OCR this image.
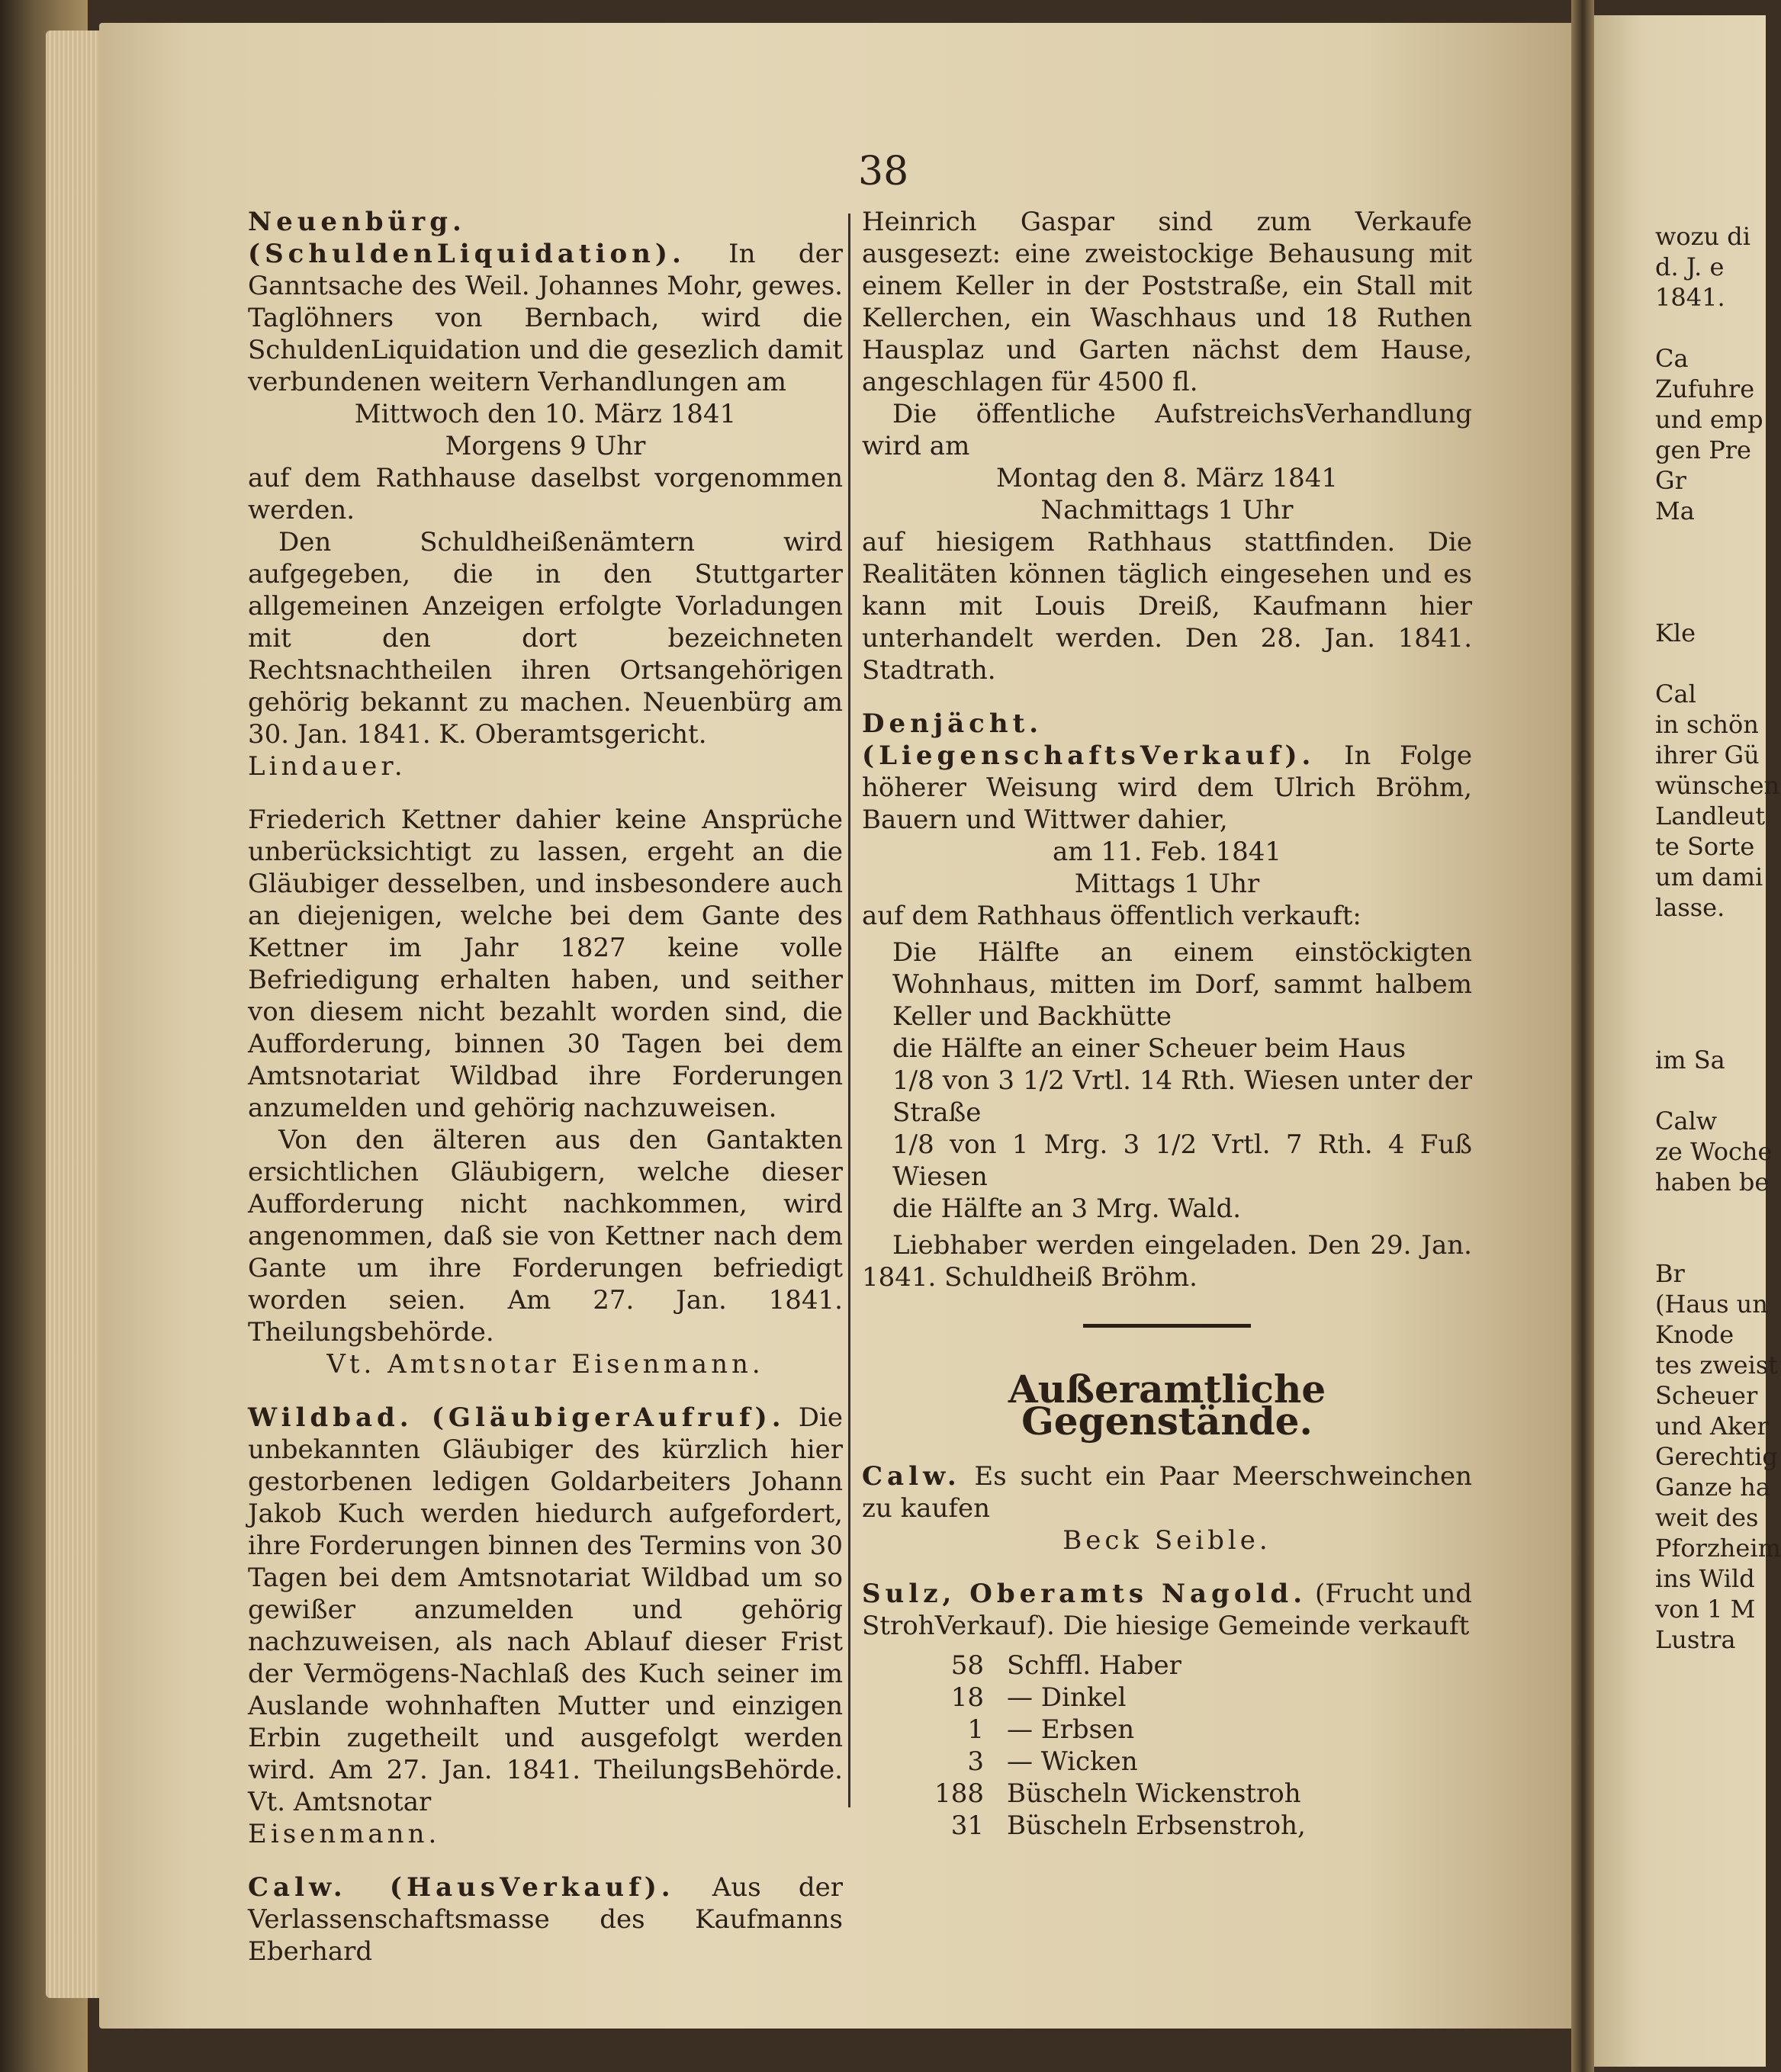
38

Neuenbürg. (SchuldenLiquidation). In der Ganntsache des Weil. Johannes Mohr, gewes. Taglöhners von Bernbach, wird die SchuldenLiquidation und die gesezlich damit verbundenen weitern Verhandlungen am

Mittwoch den 10. März 1841
Morgens 9 Uhr

auf dem Rathhause daselbst vorgenommen werden.

Den Schuldheißenämtern wird aufgegeben, die in den Stuttgarter allgemeinen Anzeigen erfolgte Vorladungen mit den dort bezeichneten Rechtsnachtheilen ihren Ortsangehörigen gehörig bekannt zu machen. Neuenbürg am 30. Jan. 1841. K. Oberamtsgericht.

Lindauer.

Friederich Kettner dahier keine Ansprüche unberücksichtigt zu lassen, ergeht an die Gläubiger desselben, und insbesondere auch an diejenigen, welche bei dem Gante des Kettner im Jahr 1827 keine volle Befriedigung erhalten haben, und seither von diesem nicht bezahlt worden sind, die Aufforderung, binnen 30 Tagen bei dem Amtsnotariat Wildbad ihre Forderungen anzumelden und gehörig nachzuweisen.

Von den älteren aus den Gantakten ersichtlichen Gläubigern, welche dieser Aufforderung nicht nachkommen, wird angenommen, daß sie von Kettner nach dem Gante um ihre Forderungen befriedigt worden seien. Am 27. Jan. 1841. Theilungsbehörde.

Vt. Amtsnotar Eisenmann.

Wildbad. (GläubigerAufruf). Die unbekannten Gläubiger des kürzlich hier gestorbenen ledigen Goldarbeiters Johann Jakob Kuch werden hiedurch aufgefordert, ihre Forderungen binnen des Termins von 30 Tagen bei dem Amtsnotariat Wildbad um so gewißer anzumelden und gehörig nachzuweisen, als nach Ablauf dieser Frist der Vermögens-Nachlaß des Kuch seiner im Auslande wohnhaften Mutter und einzigen Erbin zugetheilt und ausgefolgt werden wird. Am 27. Jan. 1841. TheilungsBehörde. Vt. Amtsnotar

Eisenmann.

Calw. (HausVerkauf). Aus der Verlassenschaftsmasse des Kaufmanns Eberhard

Heinrich Gaspar sind zum Verkaufe ausgesezt: eine zweistockige Behausung mit einem Keller in der Poststraße, ein Stall mit Kellerchen, ein Waschhaus und 18 Ruthen Hausplaz und Garten nächst dem Hause, angeschlagen für 4500 fl.

Die öffentliche AufstreichsVerhandlung wird am

Montag den 8. März 1841
Nachmittags 1 Uhr

auf hiesigem Rathhaus stattfinden. Die Realitäten können täglich eingesehen und es kann mit Louis Dreiß, Kaufmann hier unterhandelt werden. Den 28. Jan. 1841. Stadtrath.

Denjächt. (LiegenschaftsVerkauf). In Folge höherer Weisung wird dem Ulrich Bröhm, Bauern und Wittwer dahier,

am 11. Feb. 1841
Mittags 1 Uhr

auf dem Rathhaus öffentlich verkauft:

Die Hälfte an einem einstöckigten Wohnhaus, mitten im Dorf, sammt halbem Keller und Backhütte
die Hälfte an einer Scheuer beim Haus
1/8 von 3 1/2 Vrtl. 14 Rth. Wiesen unter der Straße
1/8 von 1 Mrg. 3 1/2 Vrtl. 7 Rth. 4 Fuß Wiesen
die Hälfte an 3 Mrg. Wald.

Liebhaber werden eingeladen. Den 29. Jan. 1841. Schuldheiß Bröhm.

Außeramtliche Gegenstände.

Calw. Es sucht ein Paar Meerschweinchen zu kaufen

Beck Seible.

Sulz, Oberamts Nagold. (Frucht und StrohVerkauf). Die hiesige Gemeinde verkauft

58 Schffl. Haber
18 — Dinkel
1 — Erbsen
3 — Wicken
188 Büscheln Wickenstroh
31 Büscheln Erbsenstroh,
wozu di
d. J. e
1841.

Ca
Zufuhre
und emp
gen Pre
Gr
Ma

Kle

Cal
in schön
ihrer Gü
wünschen
Landleut
te Sorte
um dami
lasse.

im Sa

Calw
ze Woche
haben be

Br
(Haus un
Knode
tes zweist
Scheuer
und Aker
Gerechtig
Ganze ha
weit des
Pforzheim
ins Wild
von 1 M
Lustra
